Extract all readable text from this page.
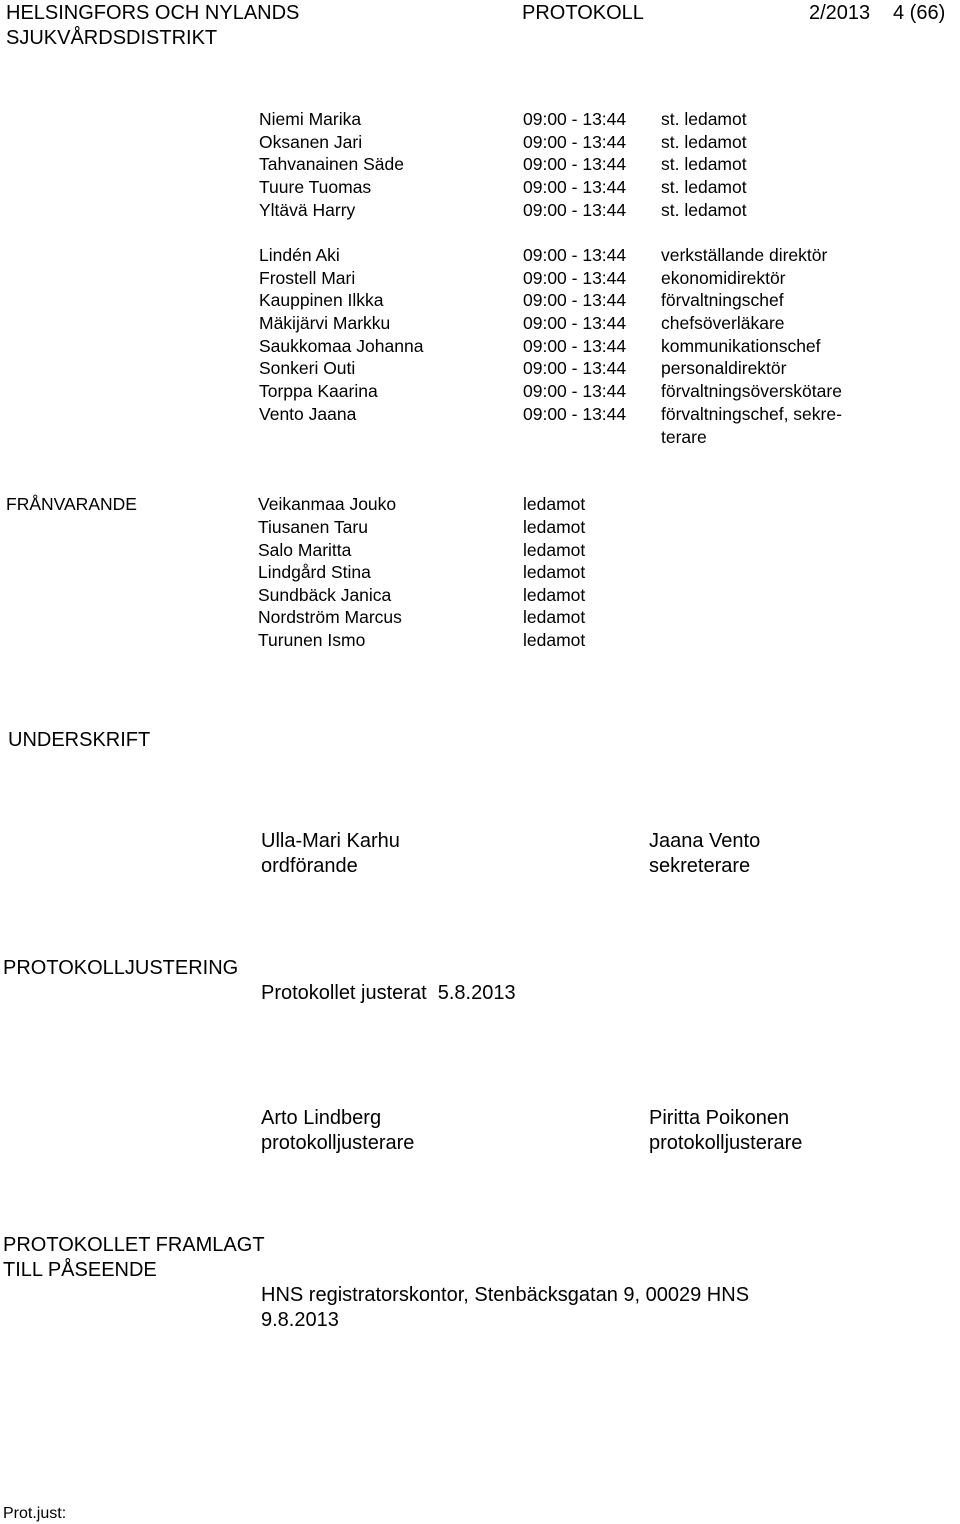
HELSINGFORS OCH NYLANDS
SJUKVÅRDSDISTRIKT
PROTOKOLL	2/2013 4 (66)
Niemi Marika	09:00 - 13:44 st. ledamot
Oksanen Jari	09:00 - 13:44 st. ledamot
Tahvanainen Säde	09:00 - 13:44 st. ledamot
Tuure Tuomas	09:00 - 13:44 st. ledamot
Yltävä Harry	09:00 - 13:44 st. ledamot
Lindén Aki	09:00 - 13:44 verkställande direktör
Frostell Mari	09:00 - 13:44 ekonomidirektör
Kauppinen Ilkka	09:00 - 13:44 förvaltningschef
Mäkijärvi Markku	09:00 - 13:44 chefsöverläkare
Saukkomaa Johanna	09:00 - 13:44 kommunikationschef
Sonkeri Outi	09:00 - 13:44 personaldirektör
Torppa Kaarina	09:00 - 13:44 förvaltningsöverskötare
Vento Jaana	09:00 - 13:44 förvaltningschef, sekre-
terare
FRÅNVARANDE	Veikanmaa Jouko	ledamot
Tiusanen Taru	ledamot
Salo Maritta	ledamot
Lindgård Stina	ledamot
Sundbäck Janica	ledamot
Nordström Marcus	ledamot
Turunen Ismo	ledamot
UNDERSKRIFT
Ulla-Mari Karhu
ordförande
Jaana Vento
sekreterare
PROTOKOLLJUSTERING
Protokollet justerat  5.8.2013
Arto Lindberg
protokolljusterare
Piritta Poikonen
protokolljusterare
PROTOKOLLET FRAMLAGT
TILL PÅSEENDE
HNS registratorskontor, Stenbäcksgatan 9, 00029 HNS
9.8.2013
Prot.just:
